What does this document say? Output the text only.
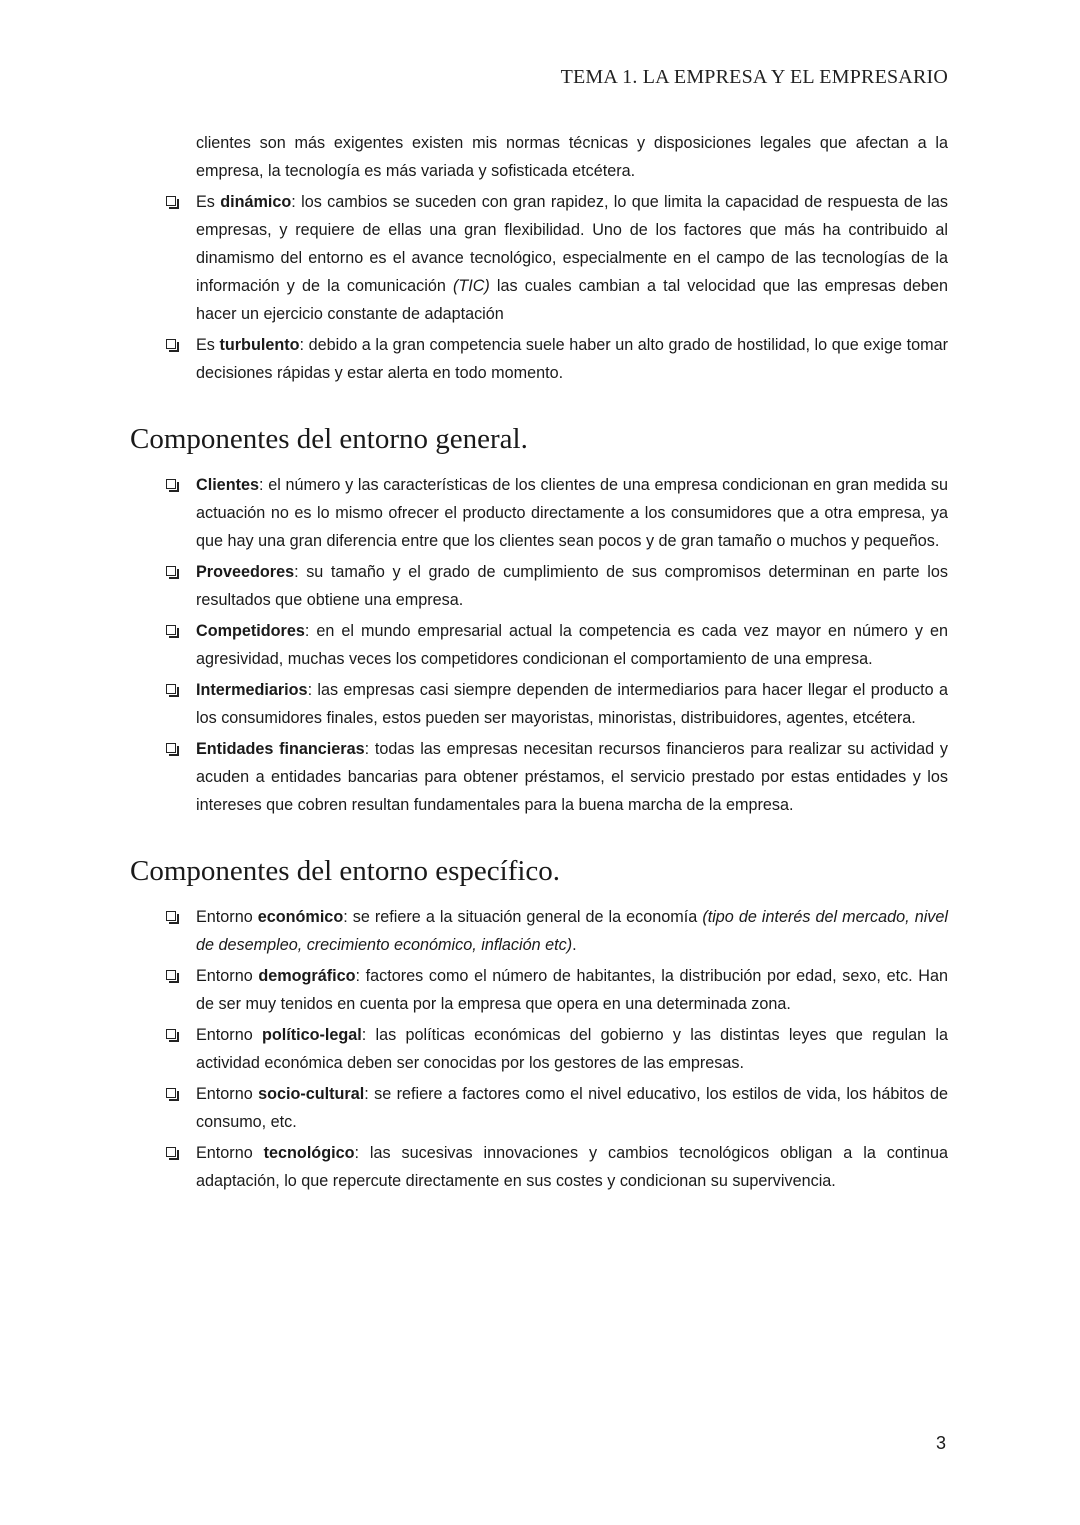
TEMA 1. LA EMPRESA Y EL EMPRESARIO
clientes son más exigentes existen mis normas técnicas y disposiciones legales que afectan a la empresa, la tecnología es más variada y sofisticada etcétera.
Es dinámico: los cambios se suceden con gran rapidez, lo que limita la capacidad de respuesta de las empresas, y requiere de ellas una gran flexibilidad. Uno de los factores que más ha contribuido al dinamismo del entorno es el avance tecnológico, especialmente en el campo de las tecnologías de la información y de la comunicación (TIC) las cuales cambian a tal velocidad que las empresas deben hacer un ejercicio constante de adaptación
Es turbulento: debido a la gran competencia suele haber un alto grado de hostilidad, lo que exige tomar decisiones rápidas y estar alerta en todo momento.
Componentes del entorno general.
Clientes: el número y las características de los clientes de una empresa condicionan en gran medida su actuación no es lo mismo ofrecer el producto directamente a los consumidores que a otra empresa, ya que hay una gran diferencia entre que los clientes sean pocos y de gran tamaño o muchos y pequeños.
Proveedores: su tamaño y el grado de cumplimiento de sus compromisos determinan en parte los resultados que obtiene una empresa.
Competidores: en el mundo empresarial actual la competencia es cada vez mayor en número y en agresividad, muchas veces los competidores condicionan el comportamiento de una empresa.
Intermediarios: las empresas casi siempre dependen de intermediarios para hacer llegar el producto a los consumidores finales, estos pueden ser mayoristas, minoristas, distribuidores, agentes, etcétera.
Entidades financieras: todas las empresas necesitan recursos financieros para realizar su actividad y acuden a entidades bancarias para obtener préstamos, el servicio prestado por estas entidades y los intereses que cobren resultan fundamentales para la buena marcha de la empresa.
Componentes del entorno específico.
Entorno económico: se refiere a la situación general de la economía (tipo de interés del mercado, nivel de desempleo, crecimiento económico, inflación etc).
Entorno demográfico: factores como el número de habitantes, la distribución por edad, sexo, etc. Han de ser muy tenidos en cuenta por la empresa que opera en una determinada zona.
Entorno político-legal: las políticas económicas del gobierno y las distintas leyes que regulan la actividad económica deben ser conocidas por los gestores de las empresas.
Entorno socio-cultural: se refiere a factores como el nivel educativo, los estilos de vida, los hábitos de consumo, etc.
Entorno tecnológico: las sucesivas innovaciones y cambios tecnológicos obligan a la continua adaptación, lo que repercute directamente en sus costes y condicionan su supervivencia.
3
